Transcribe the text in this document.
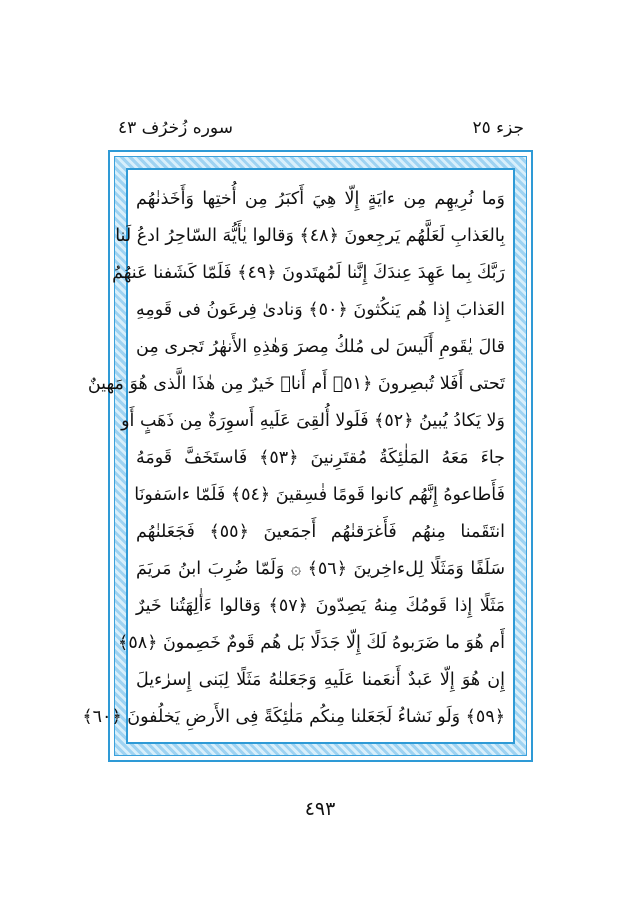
جزء ٢٥
سوره زُخرُف ٤٣
وَما نُرِيهِم مِن ءايَةٍ إِلّا هِيَ أَكبَرُ مِن أُختِها وَأَخَذنٰهُم
بِالعَذابِ لَعَلَّهُم يَرجِعونَ ﴿٤٨﴾ وَقالوا يٰأَيُّهَ السّاحِرُ ادعُ لَنا
رَبَّكَ بِما عَهِدَ عِندَكَ إِنَّنا لَمُهتَدونَ ﴿٤٩﴾ فَلَمّا كَشَفنا عَنهُمُ
العَذابَ إِذا هُم يَنكُثونَ ﴿٥٠﴾ وَنادىٰ فِرعَونُ فى قَومِهِ
قالَ يٰقَومِ أَلَيسَ لى مُلكُ مِصرَ وَهٰذِهِ الأَنهٰرُ تَجرى مِن
تَحتى أَفَلا تُبصِرونَ ﴿٥١﴾ أَم أَنا۠ خَيرٌ مِن هٰذَا الَّذى هُوَ مَهينٌ
وَلا يَكادُ يُبينُ ﴿٥٢﴾ فَلَولا أُلقِىَ عَلَيهِ أَسوِرَةٌ مِن ذَهَبٍ أَو
جاءَ مَعَهُ المَلٰئِكَةُ مُقتَرِنينَ ﴿٥٣﴾ فَاستَخَفَّ قَومَهُ
فَأَطاعوهُ إِنَّهُم كانوا قَومًا فٰسِقينَ ﴿٥٤﴾ فَلَمّا ءاسَفونَا
انتَقَمنا مِنهُم فَأَغرَقنٰهُم أَجمَعينَ ﴿٥٥﴾ فَجَعَلنٰهُم
سَلَفًا وَمَثَلًا لِلءاخِرينَ ﴿٥٦﴾ ۞ وَلَمّا ضُرِبَ ابنُ مَريَمَ
مَثَلًا إِذا قَومُكَ مِنهُ يَصِدّونَ ﴿٥٧﴾ وَقالوا ءَأٰلِهَتُنا خَيرٌ
أَم هُوَ ما ضَرَبوهُ لَكَ إِلّا جَدَلًا بَل هُم قَومٌ خَصِمونَ ﴿٥٨﴾
إِن هُوَ إِلّا عَبدٌ أَنعَمنا عَلَيهِ وَجَعَلنٰهُ مَثَلًا لِبَنى إِسرٰءيلَ
﴿٥٩﴾ وَلَو نَشاءُ لَجَعَلنا مِنكُم مَلٰئِكَةً فِى الأَرضِ يَخلُفونَ ﴿٦٠﴾
٤٩٣
